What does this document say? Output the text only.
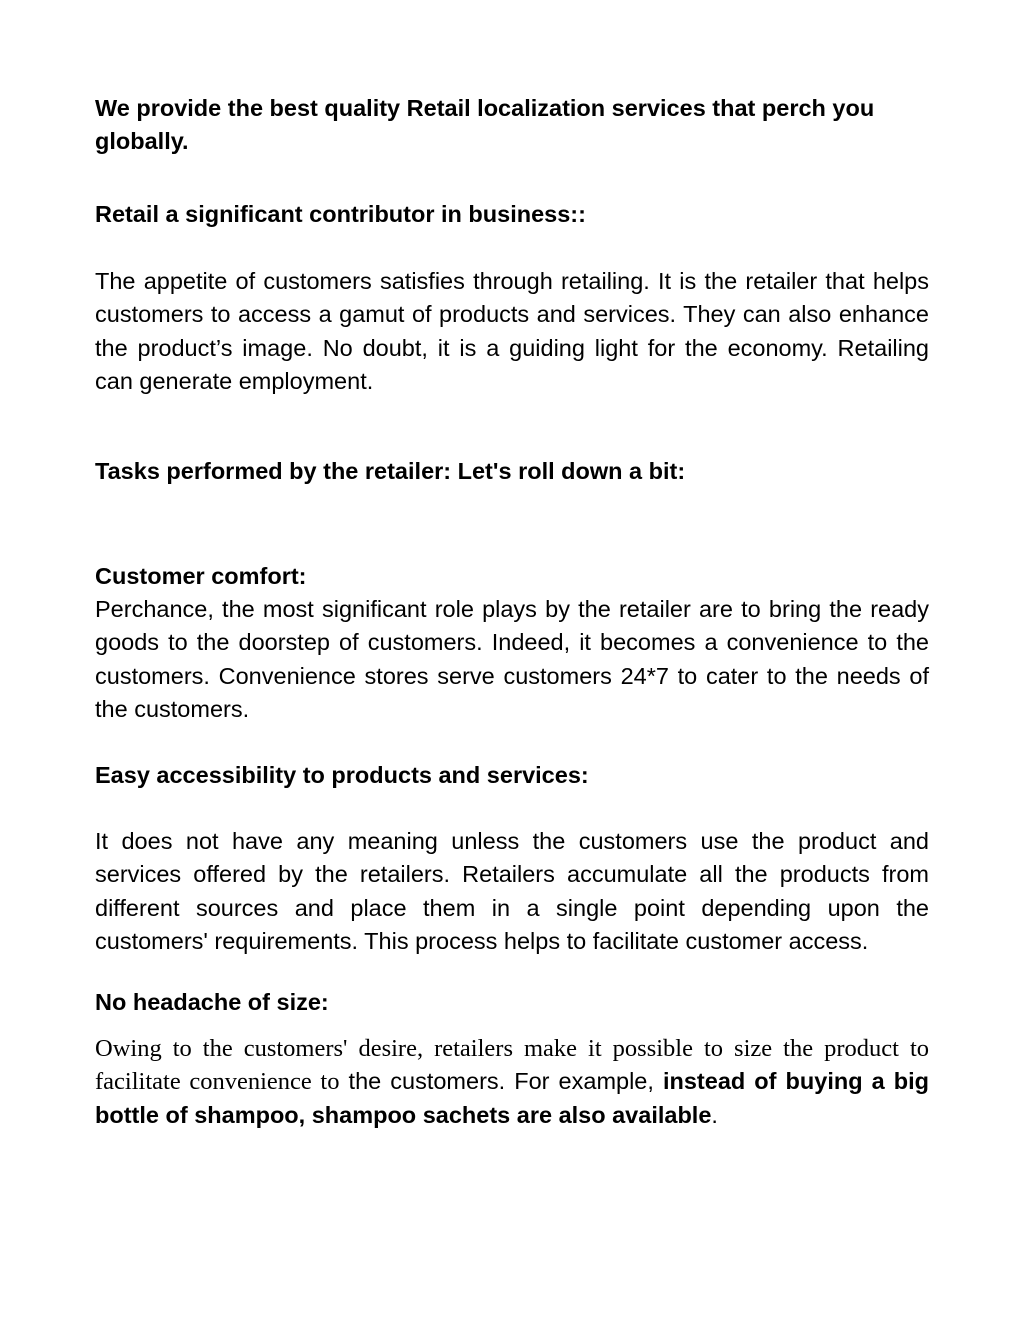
We provide the best quality Retail localization services that perch you globally.

Retail a significant contributor in business::

The appetite of customers satisfies through retailing. It is the retailer that helps customers to access a gamut of products and services. They can also enhance the product’s image. No doubt, it is a guiding light for the economy. Retailing can generate employment.

Tasks performed by the retailer: Let's roll down a bit:

Customer comfort:

Perchance, the most significant role plays by the retailer are to bring the ready goods to the doorstep of customers. Indeed, it becomes a convenience to the customers. Convenience stores serve customers 24*7 to cater to the needs of the customers.

Easy accessibility to products and services:

It does not have any meaning unless the customers use the product and services offered by the retailers. Retailers accumulate all the products from different sources and place them in a single point depending upon the customers' requirements. This process helps to facilitate customer access.

No headache of size:

Owing to the customers' desire, retailers make it possible to size the product to facilitate convenience to the customers. For example, instead of buying a big bottle of shampoo, shampoo sachets are also available.
